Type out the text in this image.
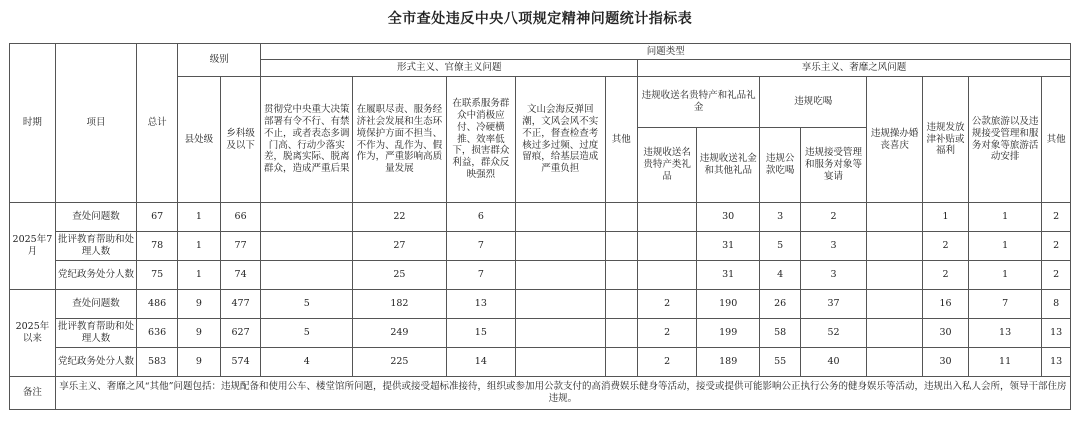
全市查处违反中央八项规定精神问题统计指标表
时期	项目	总计	级别		问题类型												
					形式主义、官僚主义问题					享乐主义、奢靡之风问题							
			县处级	乡科级及以下	贯彻党中央重大决策部署有令不行、有禁不止，或者表态多调门高、行动少落实差，脱离实际、脱离群众，造成严重后果	在履职尽责、服务经济社会发展和生态环境保护方面不担当、不作为、乱作为、假作为，严重影响高质量发展	在联系服务群众中消极应付、冷硬横推、效率低下，损害群众利益，群众反映强烈	文山会海反弹回潮，文风会风不实不正，督查检查考核过多过频、过度留痕，给基层造成严重负担	其他	违规收送名贵特产和礼品礼金		违规吃喝		违规操办婚丧喜庆	违规发放津补贴或福利	公款旅游以及违规接受管理和服务对象等旅游活动安排	其他
										违规收送名贵特产类礼品	违规收送礼金和其他礼品	违规公款吃喝	违规接受管理和服务对象等宴请				
2025年7月	查处问题数	67	1	66		22	6				30	3	2		1	1	2
	批评教育帮助和处理人数	78	1	77		27	7				31	5	3		2	1	2
	党纪政务处分人数	75	1	74		25	7				31	4	3		2	1	2
2025年以来	查处问题数	486	9	477	5	182	13			2	190	26	37		16	7	8
	批评教育帮助和处理人数	636	9	627	5	249	15			2	199	58	52		30	13	13
	党纪政务处分人数	583	9	574	4	225	14			2	189	55	40		30	11	13
备注	享乐主义、奢靡之风“其他”问题包括：违规配备和使用公车、楼堂馆所问题，提供或接受超标准接待，组织或参加用公款支付的高消费娱乐健身等活动，接受或提供可能影响公正执行公务的健身娱乐等活动，违规出入私人会所，领导干部住房违规。																
